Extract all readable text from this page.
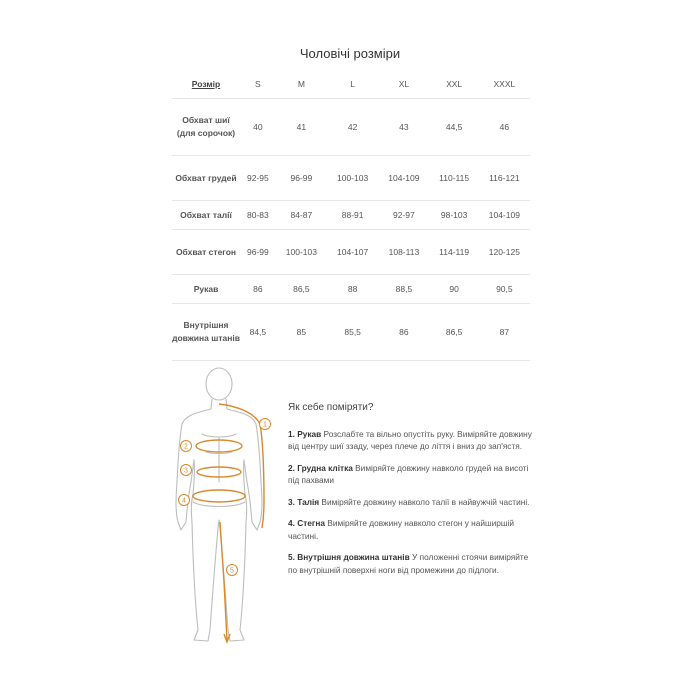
Чоловічі розміри
Розмір	S	M	L	XL	XXL	XXXL
Обхват шиї (для сорочок)	40	41	42	43	44,5	46
Обхват грудей	92-95	96-99	100-103	104-109	110-115	116-121
Обхват талії	80-83	84-87	88-91	92-97	98-103	104-109
Обхват стегон	96-99	100-103	104-107	108-113	114-119	120-125
Рукав	86	86,5	88	88,5	90	90,5
Внутрішня довжина штанів	84,5	85	85,5	86	86,5	87
1
2
3
4
5
Як себе поміряти?
1. Рукав Розслабте та вільно опустіть руку. Виміряйте довжину від центру шиї ззаду, через плече до ліття і вниз до зап'ястя.
2. Грудна клітка Виміряйте довжину навколо грудей на висоті під пахвами
3. Талія Виміряйте довжину навколо талії в найвужчій частині.
4. Стегна Виміряйте довжину навколо стегон у найширшій частині.
5. Внутрішня довжина штанів У положенні стоячи виміряйте по внутрішній поверхні ноги від промежини до підлоги.
